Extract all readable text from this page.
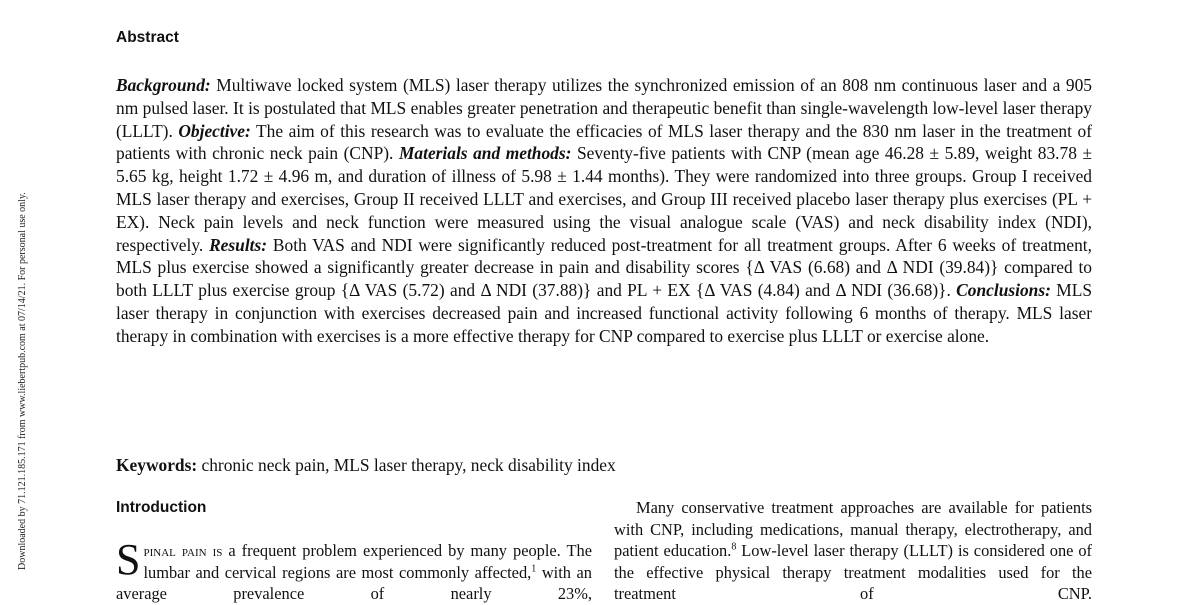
Downloaded by 71.121.185.171 from www.liebertpub.com at 07/14/21. For personal use only.
Abstract

Background: Multiwave locked system (MLS) laser therapy utilizes the synchronized emission of an 808 nm continuous laser and a 905 nm pulsed laser. It is postulated that MLS enables greater penetration and therapeutic benefit than single-wavelength low-level laser therapy (LLLT). Objective: The aim of this research was to evaluate the efficacies of MLS laser therapy and the 830 nm laser in the treatment of patients with chronic neck pain (CNP). Materials and methods: Seventy-five patients with CNP (mean age 46.28 ± 5.89, weight 83.78 ± 5.65 kg, height 1.72 ± 4.96 m, and duration of illness of 5.98 ± 1.44 months). They were randomized into three groups. Group I received MLS laser therapy and exercises, Group II received LLLT and exercises, and Group III received placebo laser therapy plus exercises (PL + EX). Neck pain levels and neck function were measured using the visual analogue scale (VAS) and neck disability index (NDI), respectively. Results: Both VAS and NDI were significantly reduced post-treatment for all treatment groups. After 6 weeks of treatment, MLS plus exercise showed a significantly greater decrease in pain and disability scores {Δ VAS (6.68) and Δ NDI (39.84)} compared to both LLLT plus exercise group {Δ VAS (5.72) and Δ NDI (37.88)} and PL + EX {Δ VAS (4.84) and Δ NDI (36.68)}. Conclusions: MLS laser therapy in conjunction with exercises decreased pain and increased functional activity following 6 months of therapy. MLS laser therapy in combination with exercises is a more effective therapy for CNP compared to exercise plus LLLT or exercise alone.

Keywords: chronic neck pain, MLS laser therapy, neck disability index

Introduction

Spinal pain is a frequent problem experienced by many people. The lumbar and cervical regions are most commonly affected,$^1$ with an average prevalence of nearly 23%,

Many conservative treatment approaches are available for patients with CNP, including medications, manual therapy, electrotherapy, and patient education.$^8$ Low-level laser therapy (LLLT) is considered one of the effective physical therapy treatment modalities used for the treatment of CNP.
